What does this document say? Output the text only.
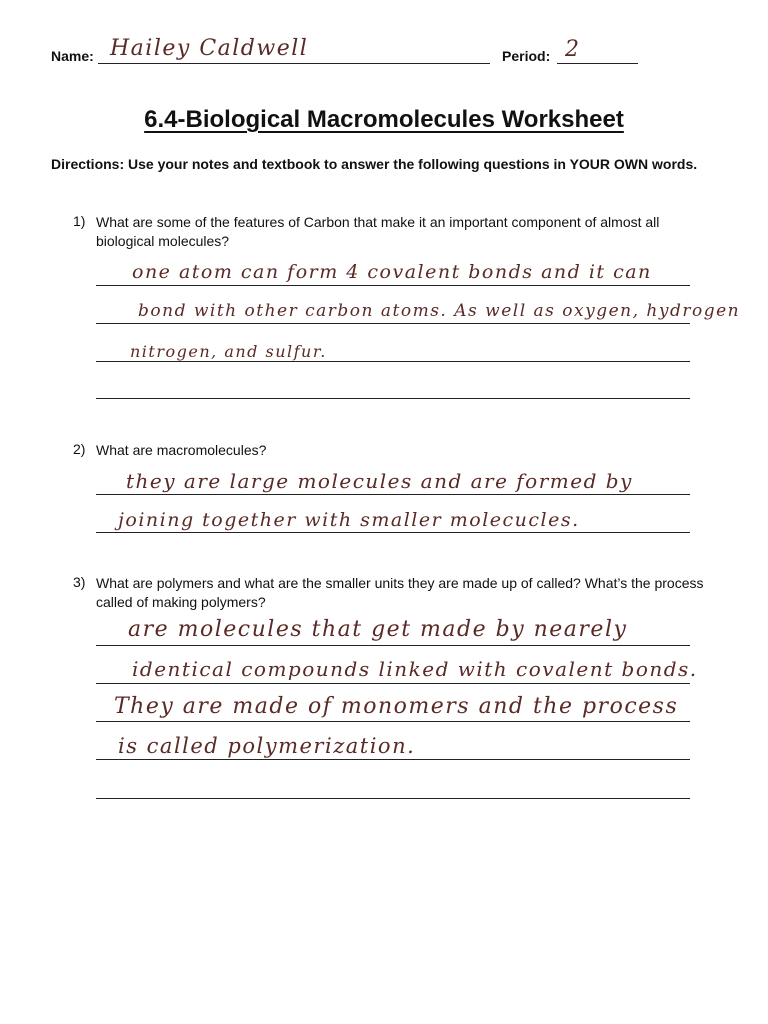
Name: Hailey Caldwell	Period: 2
6.4-Biological Macromolecules Worksheet
Directions: Use your notes and textbook to answer the following questions in YOUR OWN words.
1) What are some of the features of Carbon that make it an important component of almost all biological molecules?
one atom can form 4 covalent bonds and it can
bond with other carbon atoms. As well as oxygen, hydrogen
nitrogen, and sulfur.
2) What are macromolecules?
they are large molecules and are formed by
joining together with smaller molecucles.
3) What are polymers and what are the smaller units they are made up of called? What’s the process called of making polymers?
are molecules that get made by nearely
identical compounds linked with covalent bonds.
They are made of monomers and the process
is called polymerization.
